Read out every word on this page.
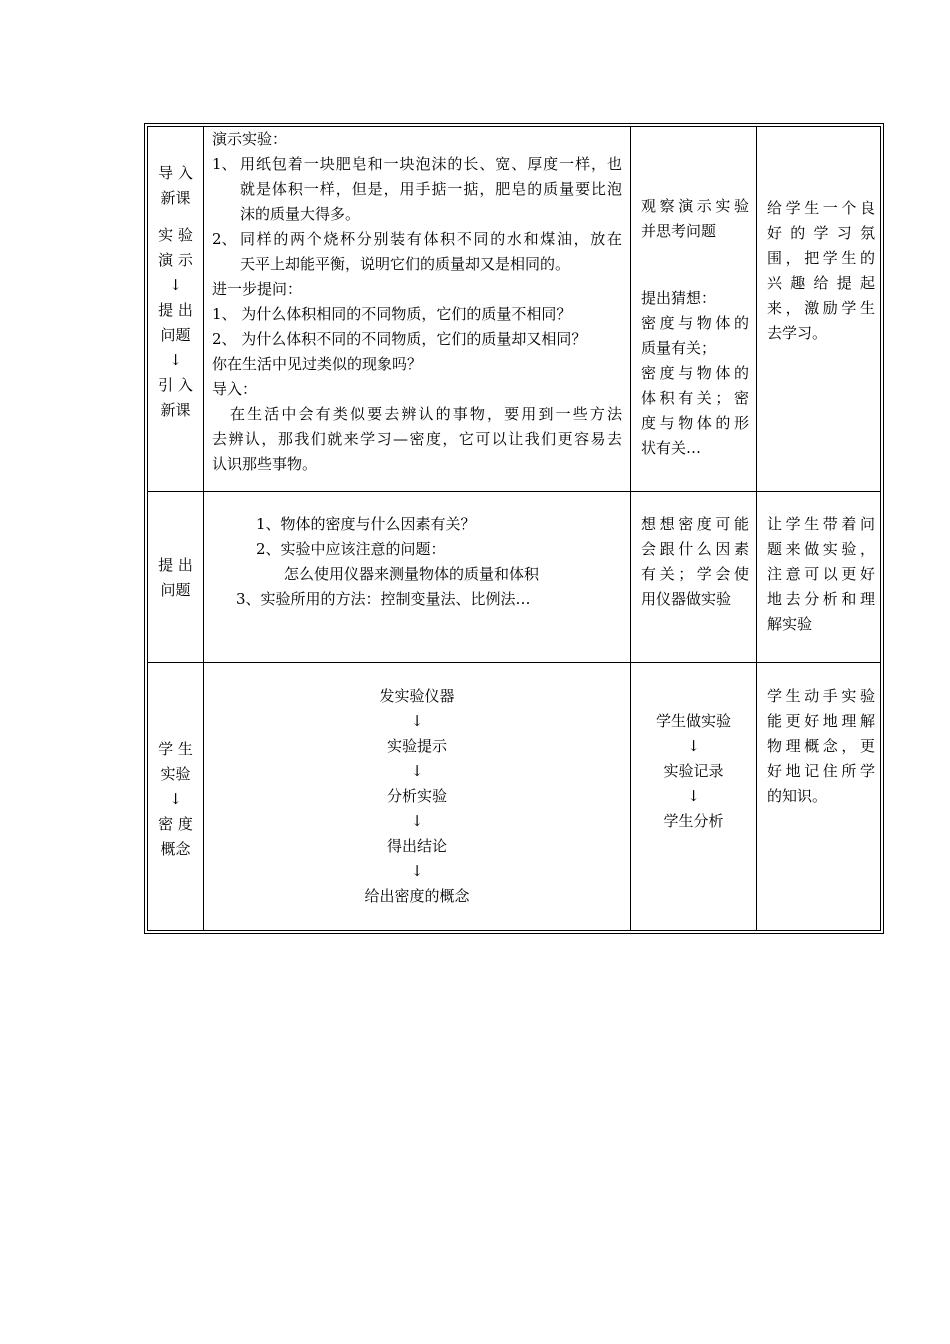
导 入
新课
实 验
演 示
↓
提 出
问题
↓
引 入
新课
演示实验：
1、 用纸包着一块肥皂和一块泡沫的长、宽、厚度一样，也
就是体积一样，但是，用手掂一掂，肥皂的质量要比泡
沫的质量大得多。
2、 同样的两个烧杯分别装有体积不同的水和煤油，放在
天平上却能平衡，说明它们的质量却又是相同的。
进一步提问：
1、 为什么体积相同的不同物质，它们的质量不相同？
2、 为什么体积不同的不同物质，它们的质量却又相同？
你在生活中见过类似的现象吗？
导入：
在生活中会有类似要去辨认的事物，要用到一些方法
去辨认，那我们就来学习—密度，它可以让我们更容易去
认识那些事物。
观察演示实验
并思考问题
提出猜想：
密度与物体的
质量有关；
密度与物体的
体积有关；密
度与物体的形
状有关…
给学生一个良
好的学习氛
围，把学生的
兴趣给提起
来，激励学生
去学习。
提 出
问题
1、物体的密度与什么因素有关？
2、实验中应该注意的问题：
怎么使用仪器来测量物体的质量和体积
3、实验所用的方法：控制变量法、比例法…
想想密度可能
会跟什么因素
有关；学会使
用仪器做实验
让学生带着问
题来做实验，
注意可以更好
地去分析和理
解实验
学 生
实验
↓
密 度
概念
发实验仪器
↓
实验提示
↓
分析实验
↓
得出结论
↓
给出密度的概念
学生做实验
↓
实验记录
↓
学生分析
学生动手实验
能更好地理解
物理概念，更
好地记住所学
的知识。
